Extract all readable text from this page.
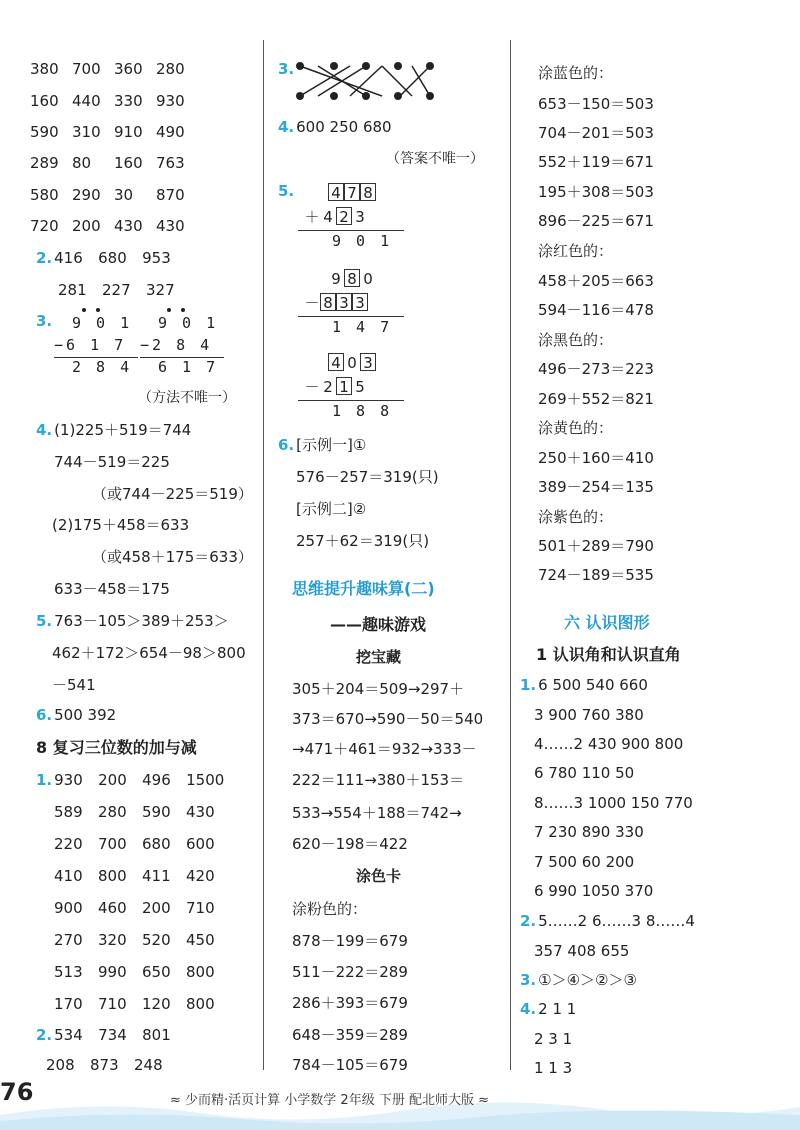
380 700 360 280
160 440 330 930
590 310 910 490
289 80 160 763
580 290 30 870
720 200 430 430
2. 416 680 953
281 227 327
3. 9 0 1
−6 1 7
2 8 4
9 0 1
−2 8 4
6 1 7
（方法不唯一）
4. (1)225＋519＝744
744－519＝225
（或744－225＝519）
(2)175＋458＝633
（或458＋175＝633）
633－458＝175
5. 763－105＞389＋253＞
462＋172＞654－98＞800
－541
6. 500 392
8 复习三位数的加与减
1. 930 200 496 1500
589 280 590 430
220 700 680 600
410 800 411 420
900 460 200 710
270 320 520 450
513 990 650 800
170 710 120 800
2. 534 734 801
208 873 248
3.
4. 600 250 680
（答案不唯一）
5. 4 7 8
＋ 4 2 3
9 0 1
9 8 0
－ 8 3 3
1 4 7
4 0 3
－ 2 1 5
1 8 8
6. [示例一]①
576－257＝319(只)
[示例二]②
257＋62＝319(只)
思维提升趣味算(二)
——趣味游戏
挖宝藏
305＋204＝509→297＋
373＝670→590－50＝540
→471＋461＝932→333－
222＝111→380＋153＝
533→554＋188＝742→
620－198＝422
涂色卡
涂粉色的：
878－199＝679
511－222＝289
286＋393＝679
648－359＝289
784－105＝679
涂蓝色的：
653－150＝503
704－201＝503
552＋119＝671
195＋308＝503
896－225＝671
涂红色的：
458＋205＝663
594－116＝478
涂黑色的：
496－273＝223
269＋552＝821
涂黄色的：
250＋160＝410
389－254＝135
涂紫色的：
501＋289＝790
724－189＝535
六 认识图形
1 认识角和认识直角
1. 6 500 540 660
3 900 760 380
4……2 430 900 800
6 780 110 50
8……3 1000 150 770
7 230 890 330
7 500 60 200
6 990 1050 370
2. 5……2 6……3 8……4
357 408 655
3. ①＞④＞②＞③
4. 2 1 1
2 3 1
1 1 3
≈ 少而精·活页计算 小学数学 2年级 下册 配北师大版 ≈
76
